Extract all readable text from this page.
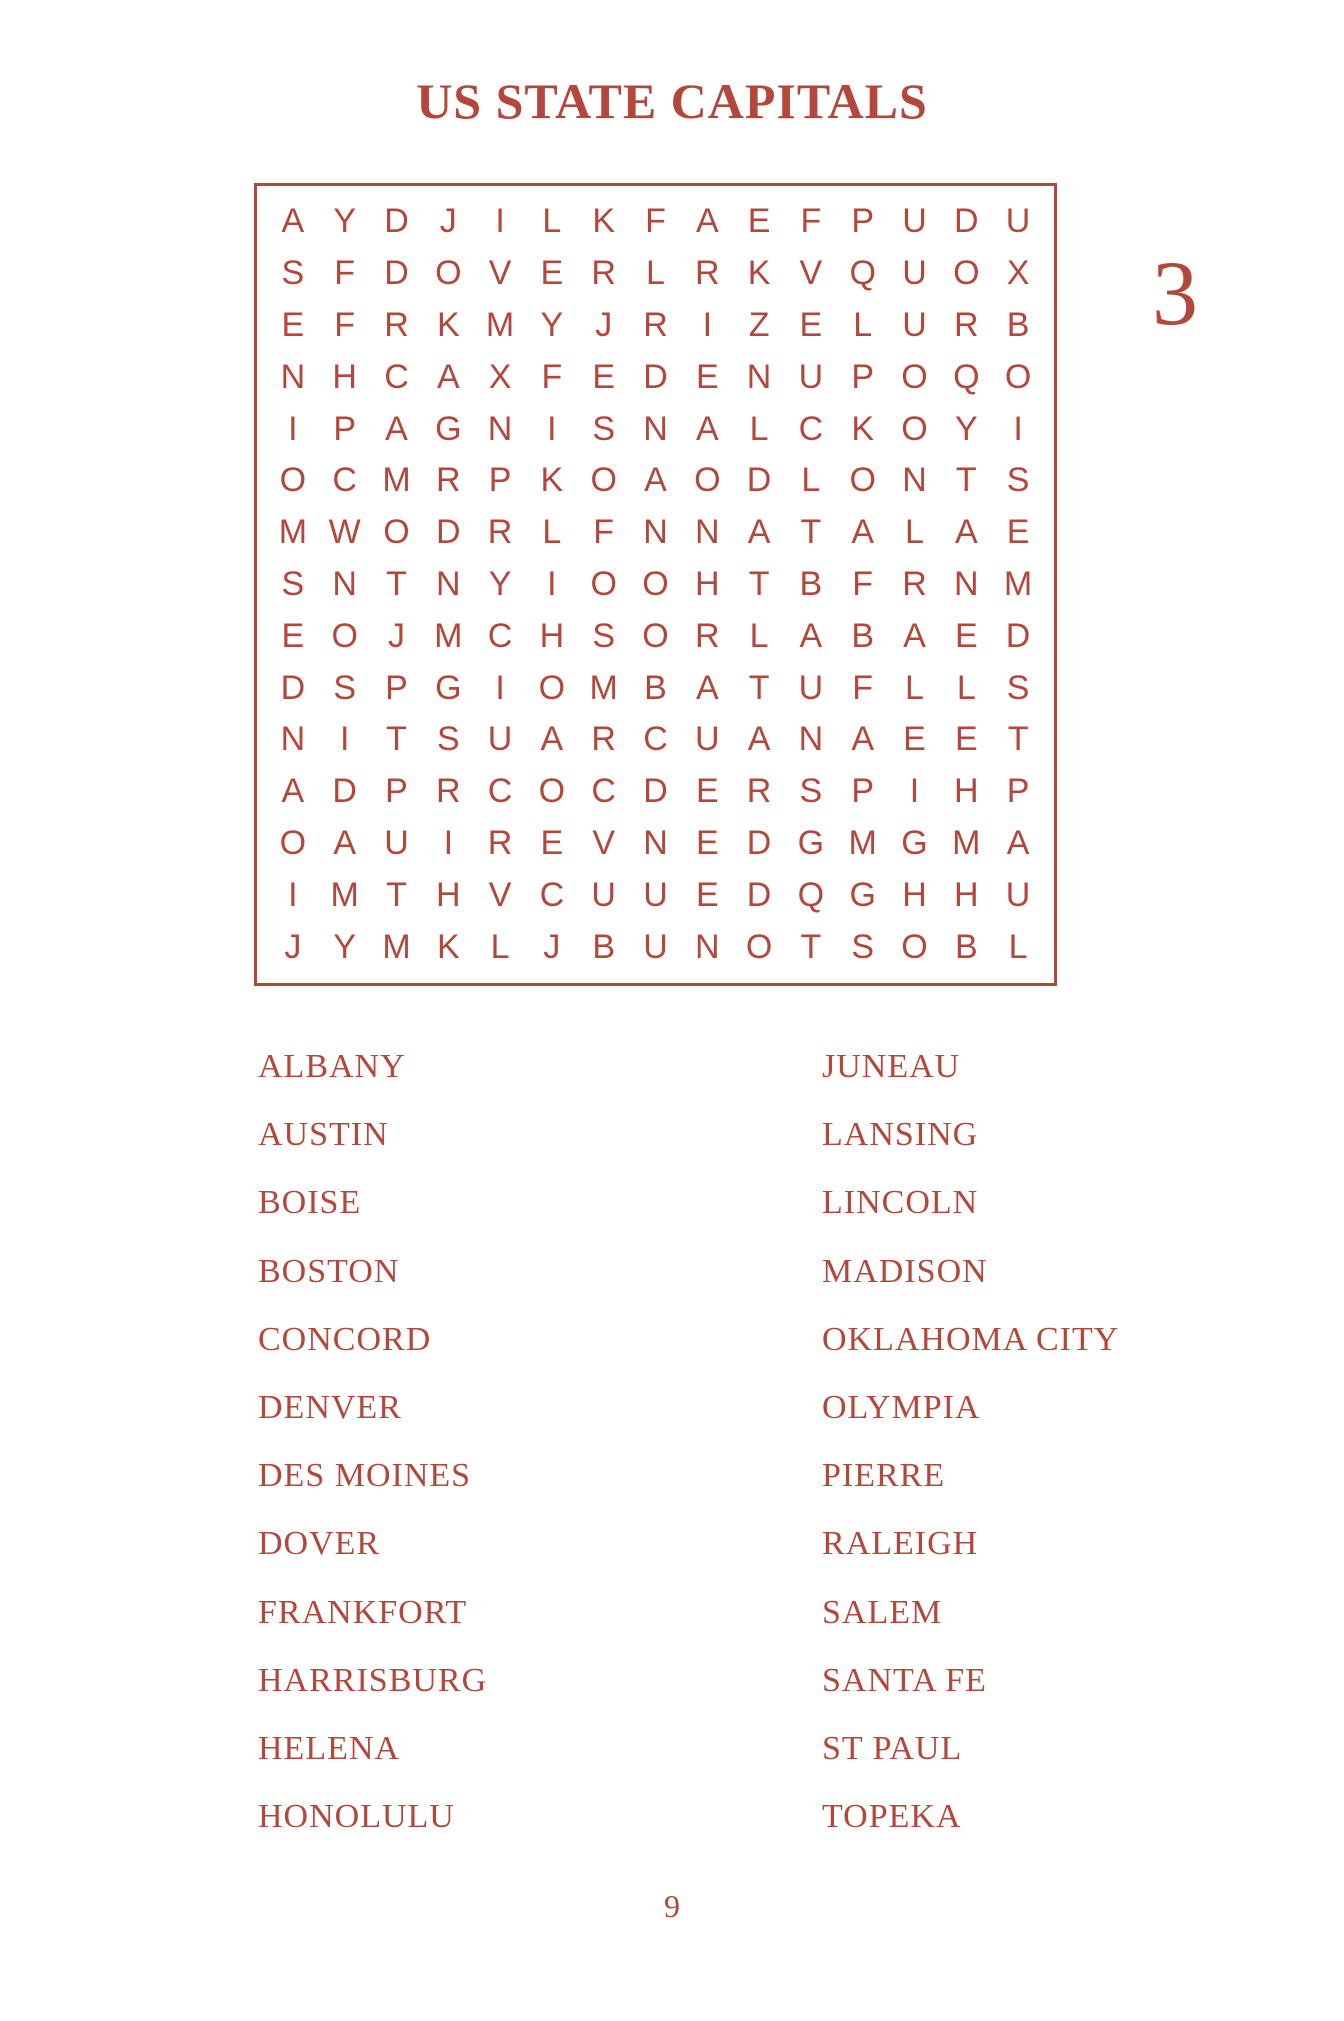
US STATE CAPITALS
3
A Y D J	I	L K F A E F P U D U
S F D O V E R L R K V Q U O X
E F R K M Y J R	I	Z E L U R B
N H C A X F E D E N U P O Q O
I	P A G N	I	S N A L C K O Y	I
O C M R P K O A O D L O N T S
M W O D R L F N N A T A L A E
S N T N Y	I O O H T B F R N M
E O J M C H S O R L A B A E D
D S P G I O M B A T U F L L S
N	I	T S U A R C U A N A E E T
A D P R C O C D E R S P	I	H P
O A U	I	R E V N E D G M G M A
I M T H V C U U E D Q G H H U
J Y M K L J B U N O T S O B L
ALBANY
AUSTIN
BOISE
BOSTON
CONCORD
DENVER
DES MOINES
DOVER
FRANKFORT
HARRISBURG
HELENA
HONOLULU
JUNEAU
LANSING
LINCOLN
MADISON
OKLAHOMA CITY
OLYMPIA
PIERRE
RALEIGH
SALEM
SANTA FE
ST PAUL
TOPEKA
9
